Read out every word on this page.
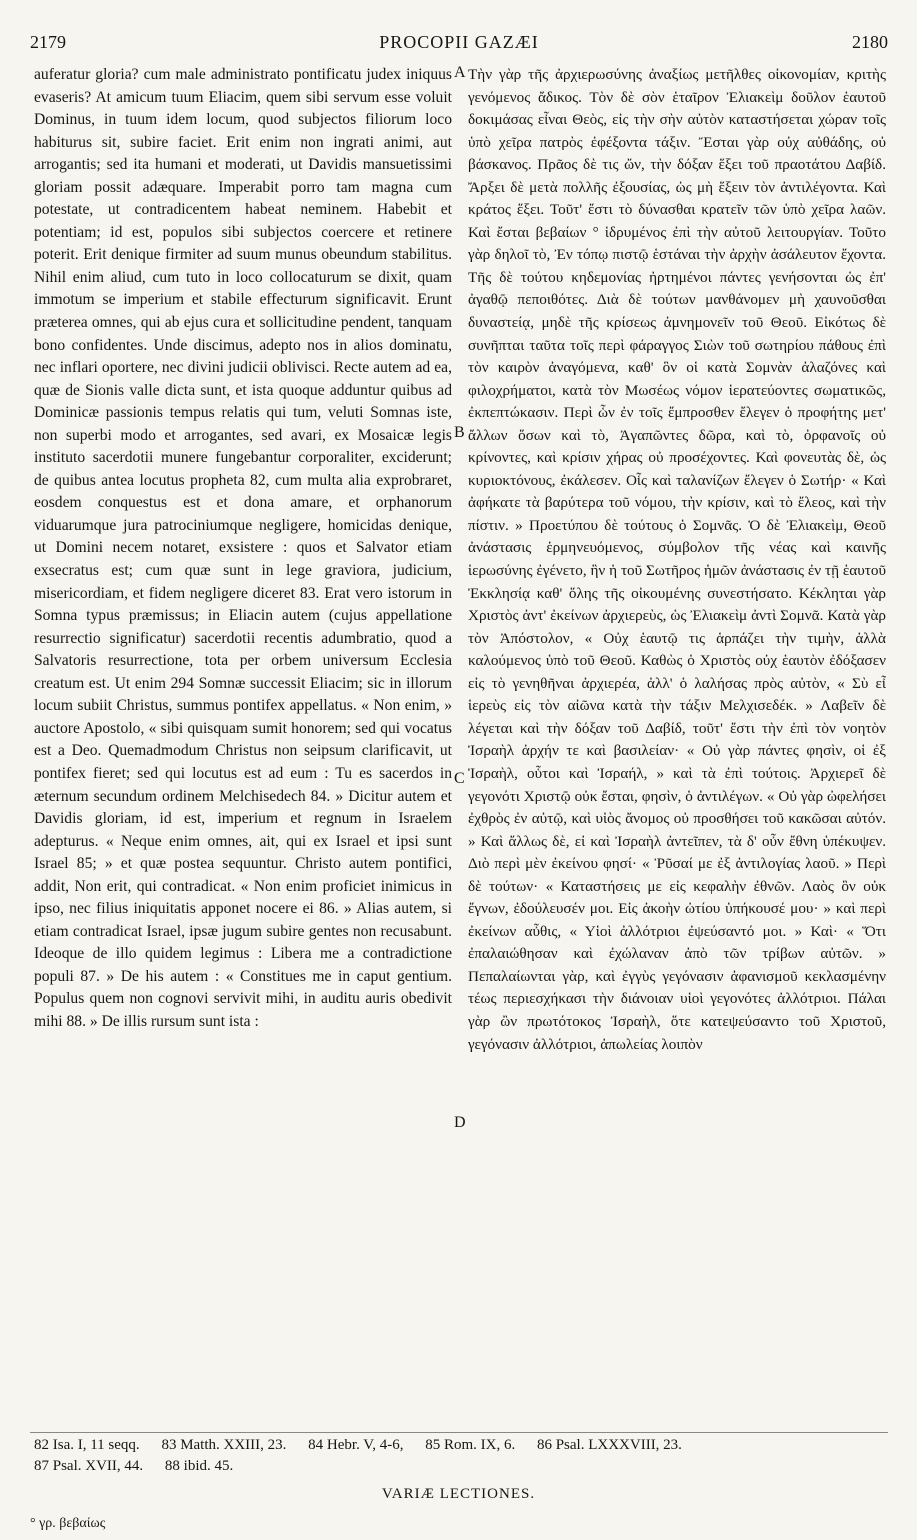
2179	PROCOPII GAZÆI	2180

auferatur gloria? cum male administrato pontificatu judex iniquus evaseris? At amicum tuum Eliacim, quem sibi servum esse voluit Dominus, in tuum idem locum, quod subjectos filiorum loco habiturus sit, subire faciet. Erit enim non ingrati animi, aut arrogantis; sed ita humani et moderati, ut Davidis mansuetissimi gloriam possit adæquare. Imperabit porro tam magna cum potestate, ut contradicentem habeat neminem. Habebit et potentiam; id est, populos sibi subjectos coercere et retinere poterit. Erit denique firmiter ad suum munus obeundum stabilitus. Nihil enim aliud, cum tuto in loco collocaturum se dixit, quam immotum se imperium et stabile effecturum significavit. Erunt præterea omnes, qui ab ejus cura et sollicitudine pendent, tanquam bono confidentes. Unde discimus, adepto nos in alios dominatu, nec inflari oportere, nec divini judicii oblivisci. Recte autem ad ea, quæ de Sionis valle dicta sunt, et ista quoque adduntur quibus ad Dominicæ passionis tempus relatis qui tum, veluti Somnas iste, non superbi modo et arrogantes, sed avari, ex Mosaicæ legis instituto sacerdotii munere fungebantur corporaliter, exciderunt; de quibus antea locutus propheta 82, cum multa alia exprobraret, eosdem conquestus est et dona amare, et orphanorum viduarumque jura patrociniumque negligere, homicidas denique, ut Domini necem notaret, exsistere : quos et Salvator etiam exsecratus est; cum quæ sunt in lege graviora, judicium, misericordiam, et fidem negligere diceret 83. Erat vero istorum in Somna typus præmissus; in Eliacin autem (cujus appellatione resurrectio significatur) sacerdotii recentis adumbratio, quod a Salvatoris resurrectione, tota per orbem universum Ecclesia creatum est. Ut enim 294 Somnæ successit Eliacim; sic in illorum locum subiit Christus, summus pontifex appellatus. « Non enim, » auctore Apostolo, « sibi quisquam sumit honorem; sed qui vocatus est a Deo. Quemadmodum Christus non seipsum clarificavit, ut pontifex fieret; sed qui locutus est ad eum : Tu es sacerdos in æternum secundum ordinem Melchisedech 84. » Dicitur autem et Davidis gloriam, id est, imperium et regnum in Israelem adepturus. « Neque enim omnes, ait, qui ex Israel et ipsi sunt Israel 85; » et quæ postea sequuntur. Christo autem pontifici, addit, Non erit, qui contradicat. « Non enim proficiet inimicus in ipso, nec filius iniquitatis apponet nocere ei 86. » Alias autem, si etiam contradicat Israel, ipsæ jugum subire gentes non recusabunt. Ideoque de illo quidem legimus : Libera me a contradictione populi 87. » De his autem : « Constitues me in caput gentium. Populus quem non cognovi servivit mihi, in auditu auris obedivit mihi 88. » De illis rursum sunt ista :

A
B
C
D

Τὴν γὰρ τῆς ἀρχιερωσύνης ἀναξίως μετῆλθες οἰκονομίαν, κριτὴς γενόμενος ἄδικος. Τὸν δὲ σὸν ἑταῖρον Ἐλιακεὶμ δοῦλον ἑαυτοῦ δοκιμάσας εἶναι Θεὸς, εἰς τὴν σὴν αὐτὸν καταστήσεται χώραν τοῖς ὑπὸ χεῖρα πατρὸς ἐφέξοντα τάξιν. Ἔσται γὰρ οὐχ αὐθάδης, οὐ βάσκανος. Πρᾶος δὲ τις ὤν, τὴν δόξαν ἕξει τοῦ πραοτάτου Δαβίδ. Ἄρξει δὲ μετὰ πολλῆς ἐξουσίας, ὡς μὴ ἕξειν τὸν ἀντιλέγοντα. Καὶ κράτος ἕξει. Τοῦτ' ἔστι τὸ δύνασθαι κρατεῖν τῶν ὑπὸ χεῖρα λαῶν. Καὶ ἔσται βεβαίων ° ἱδρυμένος ἐπὶ τὴν αὐτοῦ λειτουργίαν. Τοῦτο γὰρ δηλοῖ τὸ, Ἐν τόπῳ πιστῷ ἑστάναι τὴν ἀρχὴν ἀσάλευτον ἔχοντα. Τῆς δὲ τούτου κηδεμονίας ἠρτημένοι πάντες γενήσονται ὡς ἐπ' ἀγαθῷ πεποιθότες. Διὰ δὲ τούτων μανθάνομεν μὴ χαυνοῦσθαι δυναστείᾳ, μηδὲ τῆς κρίσεως ἀμνημονεῖν τοῦ Θεοῦ. Εἰκότως δὲ συνῆπται ταῦτα τοῖς περὶ φάραγγος Σιὼν τοῦ σωτηρίου πάθους ἐπὶ τὸν καιρὸν ἀναγόμενα, καθ' ὃν οἱ κατὰ Σομνὰν ἀλαζόνες καὶ φιλοχρήματοι, κατὰ τὸν Μωσέως νόμον ἱερατεύοντες σωματικῶς, ἐκπεπτώκασιν. Περὶ ὧν ἐν τοῖς ἔμπροσθεν ἔλεγεν ὁ προφήτης μετ' ἄλλων ὅσων καὶ τὸ, Ἀγαπῶντες δῶρα, καὶ τὸ, ὀρφανοῖς οὐ κρίνοντες, καὶ κρίσιν χήρας οὐ προσέχοντες. Καὶ φονευτὰς δὲ, ὡς κυριοκτόνους, ἐκάλεσεν. Οἷς καὶ ταλανίζων ἔλεγεν ὁ Σωτήρ· « Καὶ ἀφήκατε τὰ βαρύτερα τοῦ νόμου, τὴν κρίσιν, καὶ τὸ ἔλεος, καὶ τὴν πίστιν. » Προετύπου δὲ τούτους ὁ Σομνᾶς. Ὁ δὲ Ἐλιακεὶμ, Θεοῦ ἀνάστασις ἑρμηνευόμενος, σύμβολον τῆς νέας καὶ καινῆς ἱερωσύνης ἐγένετο, ἣν ἡ τοῦ Σωτῆρος ἡμῶν ἀνάστασις ἐν τῇ ἑαυτοῦ Ἐκκλησίᾳ καθ' ὅλης τῆς οἰκουμένης συνεστήσατο. Κέκληται γὰρ Χριστὸς ἀντ' ἐκείνων ἀρχιερεὺς, ὡς Ἐλιακεὶμ ἀντὶ Σομνᾶ. Κατὰ γὰρ τὸν Ἀπόστολον, « Οὐχ ἑαυτῷ τις ἁρπάζει τὴν τιμὴν, ἀλλὰ καλούμενος ὑπὸ τοῦ Θεοῦ. Καθὼς ὁ Χριστὸς οὐχ ἑαυτὸν ἐδόξασεν εἰς τὸ γενηθῆναι ἀρχιερέα, ἀλλ' ὁ λαλήσας πρὸς αὐτὸν, « Σὺ εἶ ἱερεὺς εἰς τὸν αἰῶνα κατὰ τὴν τάξιν Μελχισεδέκ. » Λαβεῖν δὲ λέγεται καὶ τὴν δόξαν τοῦ Δαβίδ, τοῦτ' ἔστι τὴν ἐπὶ τὸν νοητὸν Ἰσραὴλ ἀρχήν τε καὶ βασιλείαν· « Οὐ γὰρ πάντες φησὶν, οἱ ἐξ Ἰσραὴλ, οὗτοι καὶ Ἰσραήλ, » καὶ τὰ ἐπὶ τούτοις. Ἀρχιερεῖ δὲ γεγονότι Χριστῷ οὐκ ἔσται, φησὶν, ὁ ἀντιλέγων. « Οὐ γὰρ ὠφελήσει ἐχθρὸς ἐν αὐτῷ, καὶ υἱὸς ἄνομος οὐ προσθήσει τοῦ κακῶσαι αὐτόν. » Καὶ ἄλλως δὲ, εἰ καὶ Ἰσραὴλ ἀντεῖπεν, τὰ δ' οὖν ἔθνη ὑπέκυψεν. Διὸ περὶ μὲν ἐκείνου φησί· « Ῥῦσαί με ἐξ ἀντιλογίας λαοῦ. » Περὶ δὲ τούτων· « Καταστήσεις με εἰς κεφαλὴν ἐθνῶν. Λαὸς ὃν οὐκ ἔγνων, ἐδούλευσέν μοι. Εἰς ἀκοὴν ὠτίου ὑπήκουσέ μου· » καὶ περὶ ἐκείνων αὖθις, « Υἱοὶ ἀλλότριοι ἐψεύσαντό μοι. » Καὶ· « Ὅτι ἐπαλαιώθησαν καὶ ἐχώλαναν ἀπὸ τῶν τρίβων αὐτῶν. » Πεπαλαίωνται γὰρ, καὶ ἐγγὺς γεγόνασιν ἀφανισμοῦ κεκλασμένην τέως περιεσχήκασι τὴν διάνοιαν υἱοὶ γεγονότες ἀλλότριοι. Πάλαι γὰρ ὢν πρωτότοκος Ἰσραὴλ, ὅτε κατεψεύσαντο τοῦ Χριστοῦ, γεγόνασιν ἀλλότριοι, ἀπωλείας λοιπὸν

82 Isa. I, 11 seqq. 83 Matth. XXIII, 23. 84 Hebr. V, 4-6, 85 Rom. IX, 6. 86 Psal. LXXXVIII, 23.
87 Psal. XVII, 44. 88 ibid. 45.
VARIÆ LECTIONES.
° γρ. βεβαίως
